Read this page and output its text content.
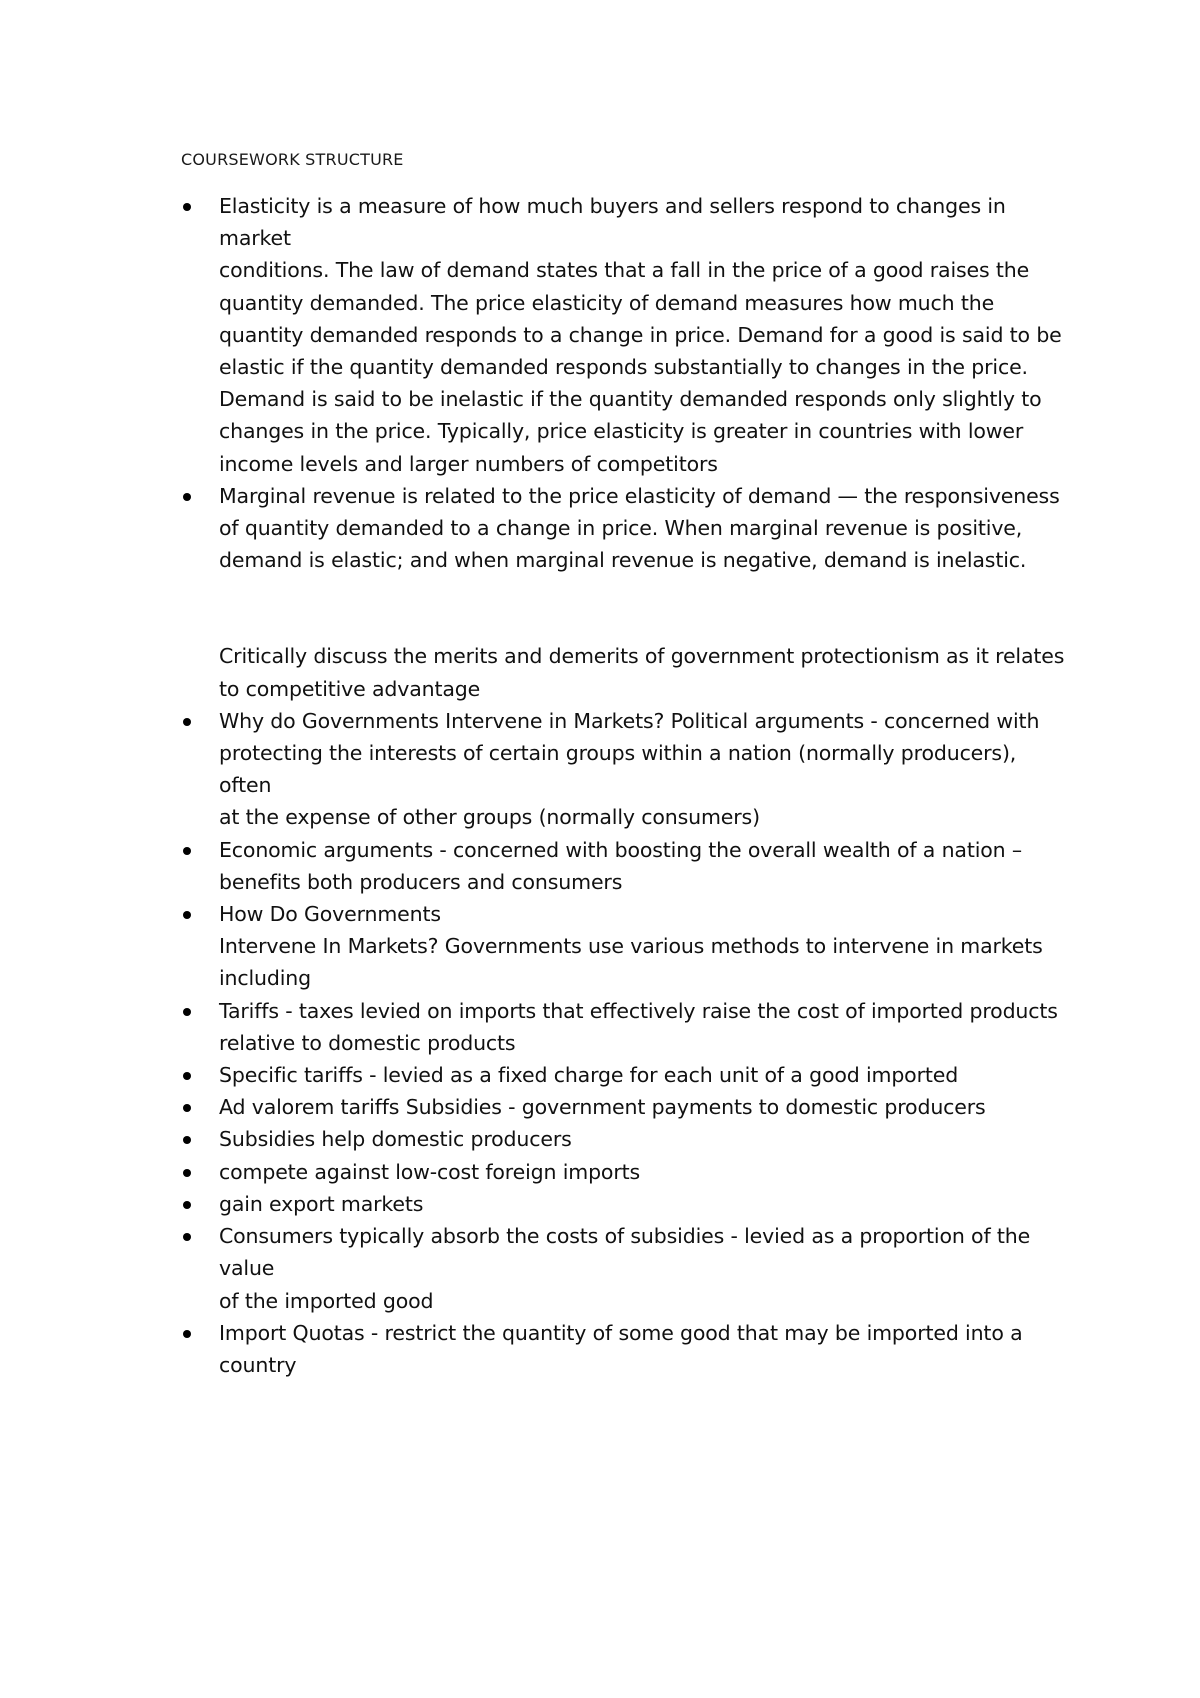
COURSEWORK STRUCTURE
Elasticity is a measure of how much buyers and sellers respond to changes in market
conditions. The law of demand states that a fall in the price of a good raises the
quantity demanded. The price elasticity of demand measures how much the
quantity demanded responds to a change in price. Demand for a good is said to be
elastic if the quantity demanded responds substantially to changes in the price.
Demand is said to be inelastic if the quantity demanded responds only slightly to
changes in the price. Typically, price elasticity is greater in countries with lower
income levels and larger numbers of competitors
Marginal revenue is related to the price elasticity of demand — the responsiveness
of quantity demanded to a change in price. When marginal revenue is positive,
demand is elastic; and when marginal revenue is negative, demand is inelastic.
Critically discuss the merits and demerits of government protectionism as it relates
to competitive advantage
Why do Governments Intervene in Markets? Political arguments - concerned with
protecting the interests of certain groups within a nation (normally producers), often
at the expense of other groups (normally consumers)
Economic arguments - concerned with boosting the overall wealth of a nation –
benefits both producers and consumers
How Do Governments
Intervene In Markets? Governments use various methods to intervene in markets
including
Tariffs - taxes levied on imports that effectively raise the cost of imported products
relative to domestic products
Specific tariffs - levied as a fixed charge for each unit of a good imported
Ad valorem tariffs Subsidies - government payments to domestic producers
Subsidies help domestic producers
compete against low-cost foreign imports
gain export markets
Consumers typically absorb the costs of subsidies - levied as a proportion of the value
of the imported good
Import Quotas - restrict the quantity of some good that may be imported into a
country
